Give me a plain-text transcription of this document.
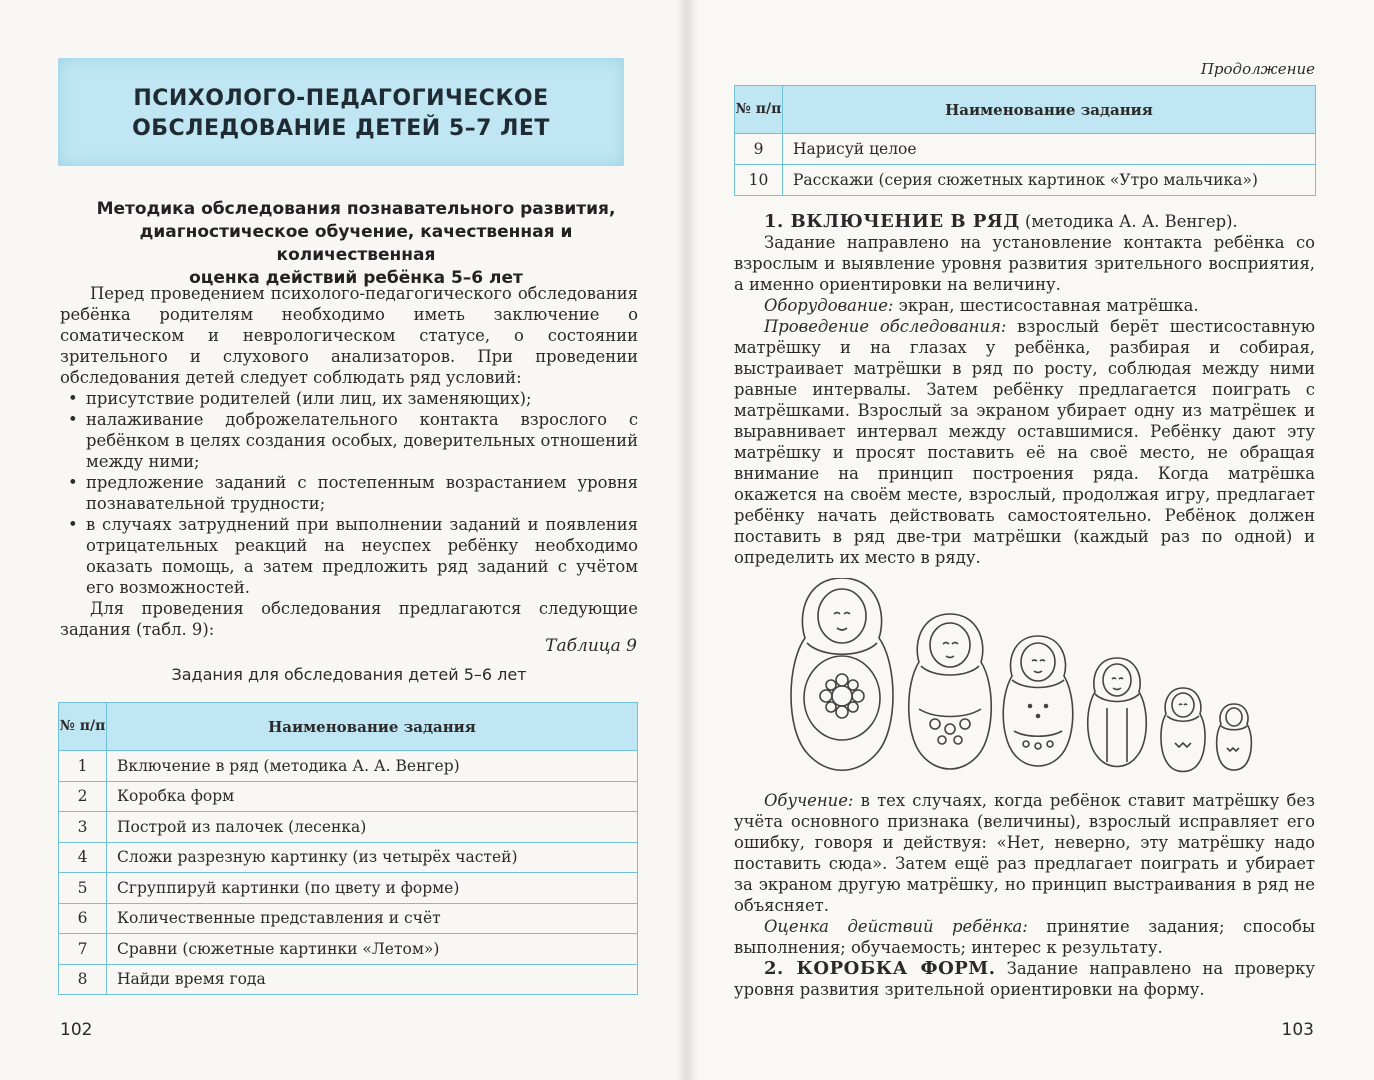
ПСИХОЛОГО-ПЕДАГОГИЧЕСКОЕ
ОБСЛЕДОВАНИЕ ДЕТЕЙ 5–7 ЛЕТ
Методика обследования познавательного развития,
диагностическое обучение, качественная и количественная
оценка действий ребёнка 5–6 лет

Перед проведением психолого-педагогического обследования ребёнка родителям необходимо иметь заключение о соматическом и неврологическом статусе, о состоянии зрительного и слухового анализаторов. При проведении обследования детей следует соблюдать ряд условий:

• присутствие родителей (или лиц, их заменяющих);
• налаживание доброжелательного контакта взрослого с ребёнком в целях создания особых, доверительных отношений между ними;
• предложение заданий с постепенным возрастанием уровня познавательной трудности;
• в случаях затруднений при выполнении заданий и появления отрицательных реакций на неуспех ребёнку необходимо оказать помощь, а затем предложить ряд заданий с учётом его возможностей.

Для проведения обследования предлагаются следующие задания (табл. 9):

Таблица 9
Задания для обследования детей 5–6 лет
№ п/п	Наименование задания
1	Включение в ряд (методика А. А. Венгер)
2	Коробка форм
3	Построй из палочек (лесенка)
4	Сложи разрезную картинку (из четырёх частей)
5	Сгруппируй картинки (по цвету и форме)
6	Количественные представления и счёт
7	Сравни (сюжетные картинки «Летом»)
8	Найди время года
102
Продолжение
№ п/п	Наименование задания
9	Нарисуй целое
10	Расскажи (серия сюжетных картинок «Утро мальчика»)

1. ВКЛЮЧЕНИЕ В РЯД (методика А. А. Венгер).

Задание направлено на установление контакта ребёнка со взрослым и выявление уровня развития зрительного восприятия, а именно ориентировки на величину.

Оборудование: экран, шестисоставная матрёшка.

Проведение обследования: взрослый берёт шестисоставную матрёшку и на глазах у ребёнка, разбирая и собирая, выстраивает матрёшки в ряд по росту, соблюдая между ними равные интервалы. Затем ребёнку предлагается поиграть с матрёшками. Взрослый за экраном убирает одну из матрёшек и выравнивает интервал между оставшимися. Ребёнку дают эту матрёшку и просят поставить её на своё место, не обращая внимание на принцип построения ряда. Когда матрёшка окажется на своём месте, взрослый, продолжая игру, предлагает ребёнку начать действовать самостоятельно. Ребёнок должен поставить в ряд две-три матрёшки (каждый раз по одной) и определить их место в ряду.

Обучение: в тех случаях, когда ребёнок ставит матрёшку без учёта основного признака (величины), взрослый исправляет его ошибку, говоря и действуя: «Нет, неверно, эту матрёшку надо поставить сюда». Затем ещё раз предлагает поиграть и убирает за экраном другую матрёшку, но принцип выстраивания в ряд не объясняет.

Оценка действий ребёнка: принятие задания; способы выполнения; обучаемость; интерес к результату.

2. КОРОБКА ФОРМ. Задание направлено на проверку уровня развития зрительной ориентировки на форму.

103
